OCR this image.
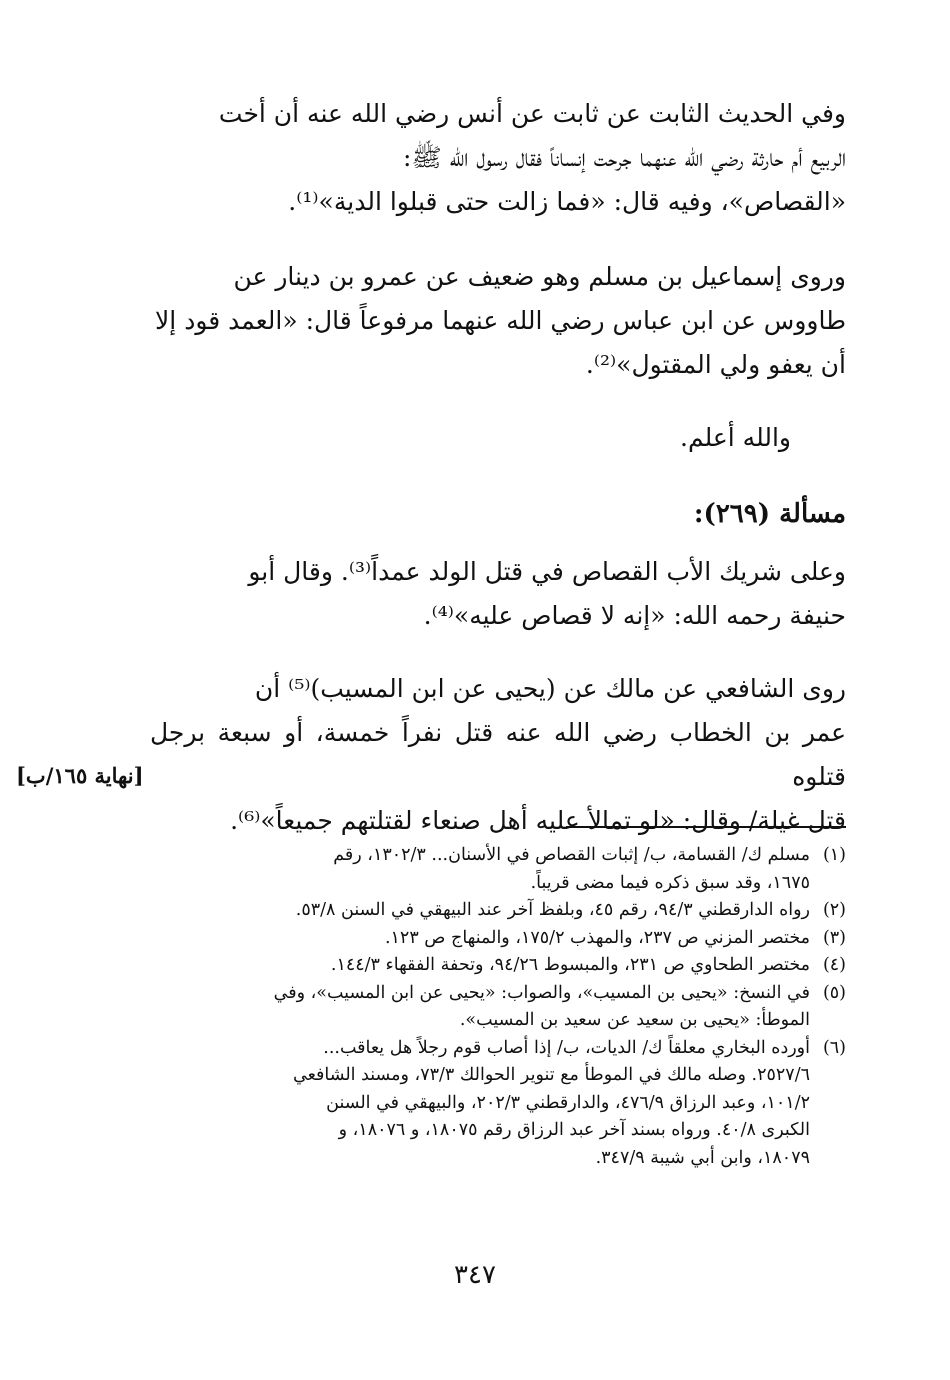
وفي الحديث الثابت عن ثابت عن أنس رضي الله عنه أن أخت
الربيع أم حارثة رضي الله عنهما جرحت إنساناً فقال رسول الله ﷺ:
«القصاص»، وفيه قال: «فما زالت حتى قبلوا الدية»⁽¹⁾.

وروى إسماعيل بن مسلم وهو ضعيف عن عمرو بن دينار عن
طاووس عن ابن عباس رضي الله عنهما مرفوعاً قال: «العمد قود إلا
أن يعفو ولي المقتول»⁽²⁾.

والله أعلم.

مسألة (٢٦٩):

وعلى شريك الأب القصاص في قتل الولد عمداً⁽³⁾. وقال أبو
حنيفة رحمه الله: «إنه لا قصاص عليه»⁽⁴⁾.

روى الشافعي عن مالك عن (يحيى عن ابن المسيب)⁽⁵⁾ أن
عمر بن الخطاب رضي الله عنه قتل نفراً خمسة، أو سبعة برجل قتلوه
قتل غيلة/ وقال: «لو تمالأ عليه أهل صنعاء لقتلتهم جميعاً»⁽⁶⁾.

[نهاية ١٦٥/ب]
(١)
مسلم ك/ القسامة، ب/ إثبات القصاص في الأسنان... ١٣٠٢/٣، رقم
١٦٧٥، وقد سبق ذكره فيما مضى قريباً.
(٢)
رواه الدارقطني ٩٤/٣، رقم ٤٥، وبلفظ آخر عند البيهقي في السنن ٥٣/٨.
(٣)
مختصر المزني ص ٢٣٧، والمهذب ١٧٥/٢، والمنهاج ص ١٢٣.
(٤)
مختصر الطحاوي ص ٢٣١، والمبسوط ٩٤/٢٦، وتحفة الفقهاء ١٤٤/٣.
(٥)
في النسخ: «يحيى بن المسيب»، والصواب: «يحيى عن ابن المسيب»، وفي
الموطأ: «يحيى بن سعيد عن سعيد بن المسيب».
(٦)
أورده البخاري معلقاً ك/ الديات، ب/ إذا أصاب قوم رجلاً هل يعاقب...
٢٥٢٧/٦. وصله مالك في الموطأ مع تنوير الحوالك ٧٣/٣، ومسند الشافعي
١٠١/٢، وعبد الرزاق ٤٧٦/٩، والدارقطني ٢٠٢/٣، والبيهقي في السنن
الكبرى ٤٠/٨. ورواه بسند آخر عبد الرزاق رقم ١٨٠٧٥، و ١٨٠٧٦، و
١٨٠٧٩، وابن أبي شيبة ٣٤٧/٩.
٣٤٧
